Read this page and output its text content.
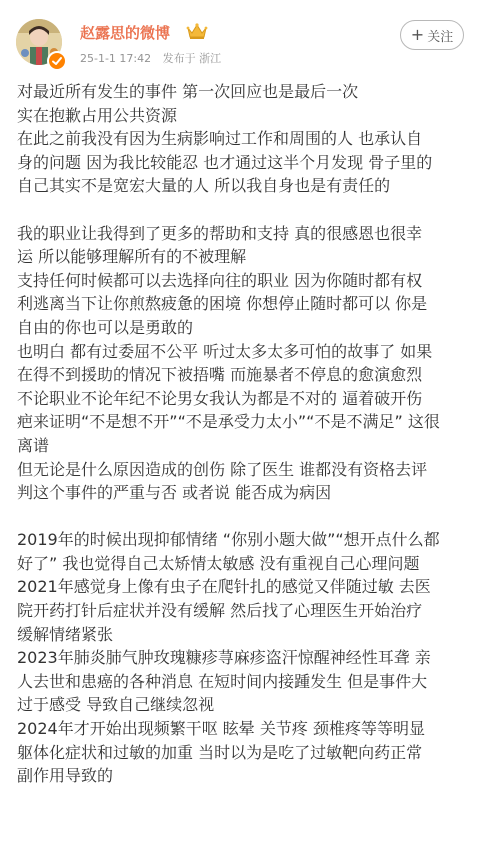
赵露思的微博
25-1-1 17:42 发布于 浙江
+ 关注
对最近所有发生的事件 第一次回应也是最后一次
实在抱歉占用公共资源
在此之前我没有因为生病影响过工作和周围的人 也承认自
身的问题 因为我比较能忍 也才通过这半个月发现 骨子里的
自己其实不是宽宏大量的人 所以我自身也是有责任的
我的职业让我得到了更多的帮助和支持 真的很感恩也很幸
运 所以能够理解所有的不被理解
支持任何时候都可以去选择向往的职业 因为你随时都有权
利逃离当下让你煎熬疲惫的困境 你想停止随时都可以 你是
自由的你也可以是勇敢的
也明白 都有过委屈不公平 听过太多太多可怕的故事了 如果
在得不到援助的情况下被捂嘴 而施暴者不停息的愈演愈烈
不论职业不论年纪不论男女我认为都是不对的 逼着破开伤
疤来证明“不是想不开”“不是承受力太小”“不是不满足” 这很
离谱
但无论是什么原因造成的创伤 除了医生 谁都没有资格去评
判这个事件的严重与否 或者说 能否成为病因
2019年的时候出现抑郁情绪 “你别小题大做”“想开点什么都
好了” 我也觉得自己太矫情太敏感 没有重视自己心理问题
2021年感觉身上像有虫子在爬针扎的感觉又伴随过敏 去医
院开药打针后症状并没有缓解 然后找了心理医生开始治疗
缓解情绪紧张
2023年肺炎肺气肿玫瑰糠疹荨麻疹盗汗惊醒神经性耳聋 亲
人去世和患癌的各种消息 在短时间内接踵发生 但是事件大
过于感受 导致自己继续忽视
2024年才开始出现频繁干呕 眩晕 关节疼 颈椎疼等等明显
躯体化症状和过敏的加重 当时以为是吃了过敏靶向药正常
副作用导致的
